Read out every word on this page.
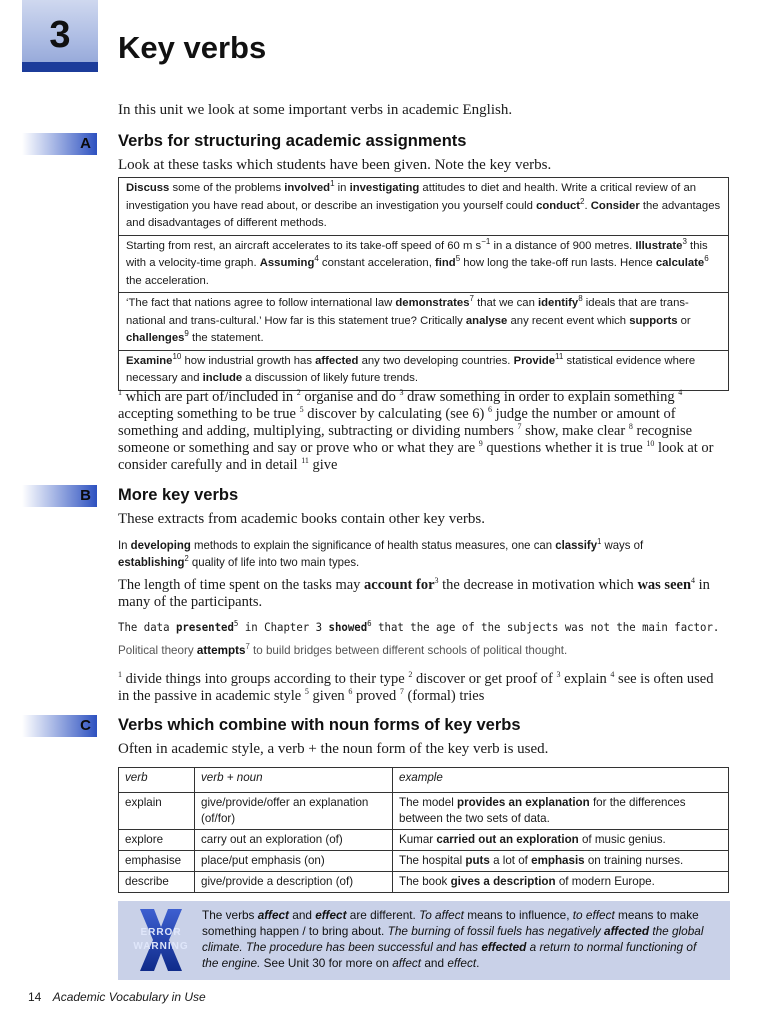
3	Key verbs
In this unit we look at some important verbs in academic English.
A Verbs for structuring academic assignments
Look at these tasks which students have been given. Note the key verbs.
Discuss some of the problems involved$^1$ in investigating attitudes to diet and health. Write a critical review of an investigation you have read about, or describe an investigation you yourself could conduct$^2$. Consider the advantages and disadvantages of different methods.
Starting from rest, an aircraft accelerates to its take-off speed of 60 m $s^{-1}$ in a distance of 900 metres. Illustrate$^3$ this with a velocity-time graph. Assuming$^4$ constant acceleration, find$^5$ how long the take-off run lasts. Hence calculate$^6$ the acceleration.
‘The fact that nations agree to follow international law demonstrates$^7$ that we can identify$^8$ ideals that are trans-national and trans-cultural.’ How far is this statement true? Critically analyse any recent event which supports or challenges$^9$ the statement.
Examine$^{10}$ how industrial growth has affected any two developing countries. Provide$^{11}$ statistical evidence where necessary and include a discussion of likely future trends.
$^1$ which are part of/included in $^2$ organise and do $^3$ draw something in order to explain something $^4$ accepting something to be true $^5$ discover by calculating (see 6) $^6$ judge the number or amount of something and adding, multiplying, subtracting or dividing numbers $^7$ show, make clear $^8$ recognise someone or something and say or prove who or what they are $^9$ questions whether it is true $^{10}$ look at or consider carefully and in detail $^{11}$ give
B More key verbs
These extracts from academic books contain other key verbs.
In developing methods to explain the significance of health status measures, one can classify$^1$ ways of establishing$^2$ quality of life into two main types.
The length of time spent on the tasks may account for$^3$ the decrease in motivation which was seen$^4$ in many of the participants.
The data presented$^5$ in Chapter 3 showed$^6$ that the age of the subjects was not the main factor.
Political theory attempts$^7$ to build bridges between different schools of political thought.
$^1$ divide things into groups according to their type $^2$ discover or get proof of $^3$ explain $^4$ see is often used in the passive in academic style $^5$ given $^6$ proved $^7$ (formal) tries
C Verbs which combine with noun forms of key verbs
Often in academic style, a verb + the noun form of the key verb is used.
verb	verb + noun	example
explain	give/provide/offer an explanation (of/for)	The model provides an explanation for the differences between the two sets of data.
explore	carry out an exploration (of)	Kumar carried out an exploration of music genius.
emphasise	place/put emphasis (on)	The hospital puts a lot of emphasis on training nurses.
describe	give/provide a description (of)	The book gives a description of modern Europe.
ERROR
WARNING
The verbs affect and effect are different. To affect means to influence, to effect means to make something happen / to bring about. The burning of fossil fuels has negatively affected the global climate. The procedure has been successful and has effected a return to normal functioning of the engine. See Unit 30 for more on affect and effect.
14 Academic Vocabulary in Use
